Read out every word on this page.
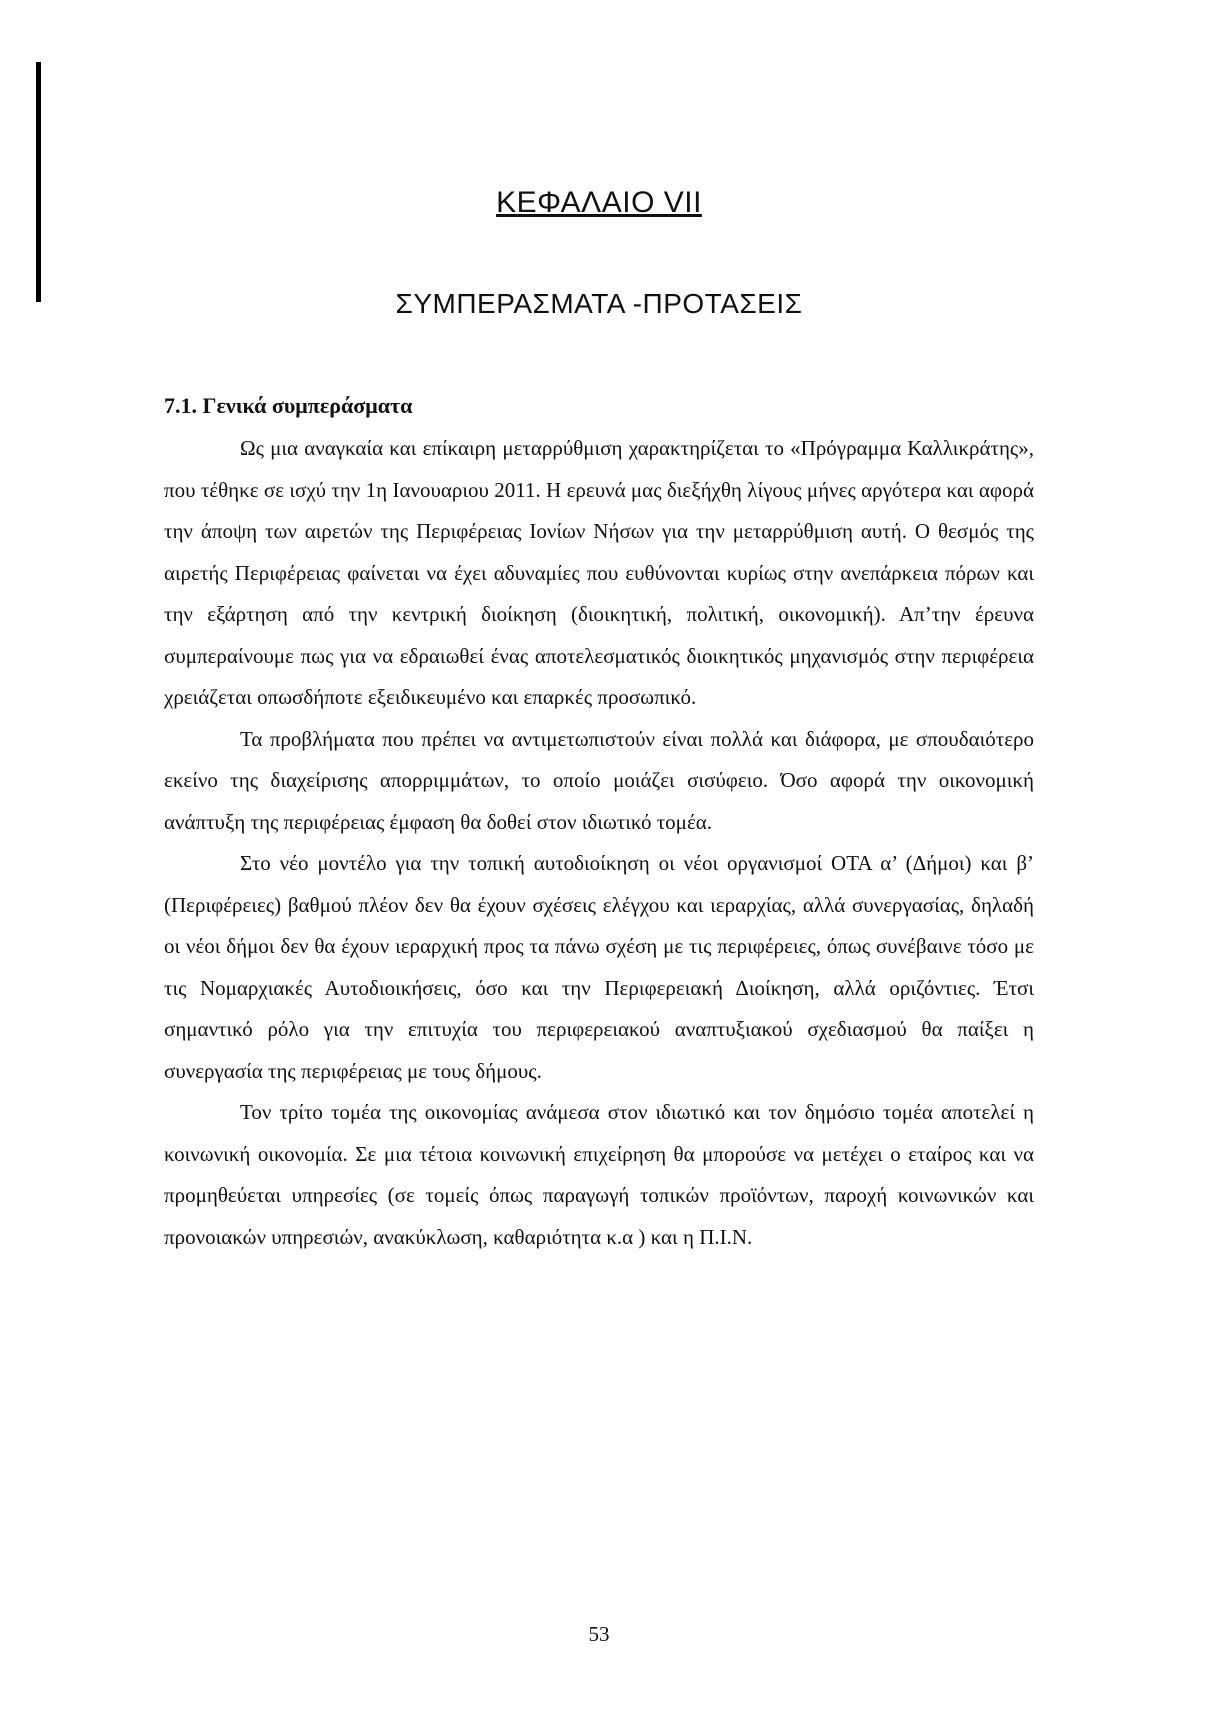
ΚΕΦΑΛΑΙΟ VII
ΣΥΜΠΕΡΑΣΜΑΤΑ -ΠΡΟΤΑΣΕΙΣ
7.1. Γενικά συμπεράσματα

Ως μια αναγκαία και επίκαιρη μεταρρύθμιση χαρακτηρίζεται το «Πρόγραμμα Καλλικράτης», που τέθηκε σε ισχύ την 1η Ιανουαριου 2011. Η ερευνά μας διεξήχθη λίγους μήνες αργότερα και αφορά την άποψη των αιρετών της Περιφέρειας Ιονίων Νήσων για την μεταρρύθμιση αυτή. Ο θεσμός της αιρετής Περιφέρειας φαίνεται να έχει αδυναμίες που ευθύνονται κυρίως στην ανεπάρκεια πόρων και την εξάρτηση από την κεντρική διοίκηση (διοικητική, πολιτική, οικονομική). Απ’την έρευνα συμπεραίνουμε πως για να εδραιωθεί ένας αποτελεσματικός διοικητικός μηχανισμός στην περιφέρεια χρειάζεται οπωσδήποτε εξειδικευμένο και επαρκές προσωπικό.

Τα προβλήματα που πρέπει να αντιμετωπιστούν είναι πολλά και διάφορα, με σπουδαιότερο εκείνο της διαχείρισης απορριμμάτων, το οποίο μοιάζει σισύφειο. Όσο αφορά την οικονομική ανάπτυξη της περιφέρειας έμφαση θα δοθεί στον ιδιωτικό τομέα.

Στο νέο μοντέλο για την τοπική αυτοδιοίκηση οι νέοι οργανισμοί ΟΤΑ α’ (Δήμοι) και β’ (Περιφέρειες) βαθμού πλέον δεν θα έχουν σχέσεις ελέγχου και ιεραρχίας, αλλά συνεργασίας, δηλαδή οι νέοι δήμοι δεν θα έχουν ιεραρχική προς τα πάνω σχέση με τις περιφέρειες, όπως συνέβαινε τόσο με τις Νομαρχιακές Αυτοδιοικήσεις, όσο και την Περιφερειακή Διοίκηση, αλλά οριζόντιες. Έτσι σημαντικό ρόλο για την επιτυχία του περιφερειακού αναπτυξιακού σχεδιασμού θα παίξει η συνεργασία της περιφέρειας με τους δήμους.

Τον τρίτο τομέα της οικονομίας ανάμεσα στον ιδιωτικό και τον δημόσιο τομέα αποτελεί η κοινωνική οικονομία. Σε μια τέτοια κοινωνική επιχείρηση θα μπορούσε να μετέχει ο εταίρος και να προμηθεύεται υπηρεσίες (σε τομείς όπως παραγωγή τοπικών προϊόντων, παροχή κοινωνικών και προνοιακών υπηρεσιών, ανακύκλωση, καθαριότητα κ.α ) και η Π.Ι.Ν.

53
